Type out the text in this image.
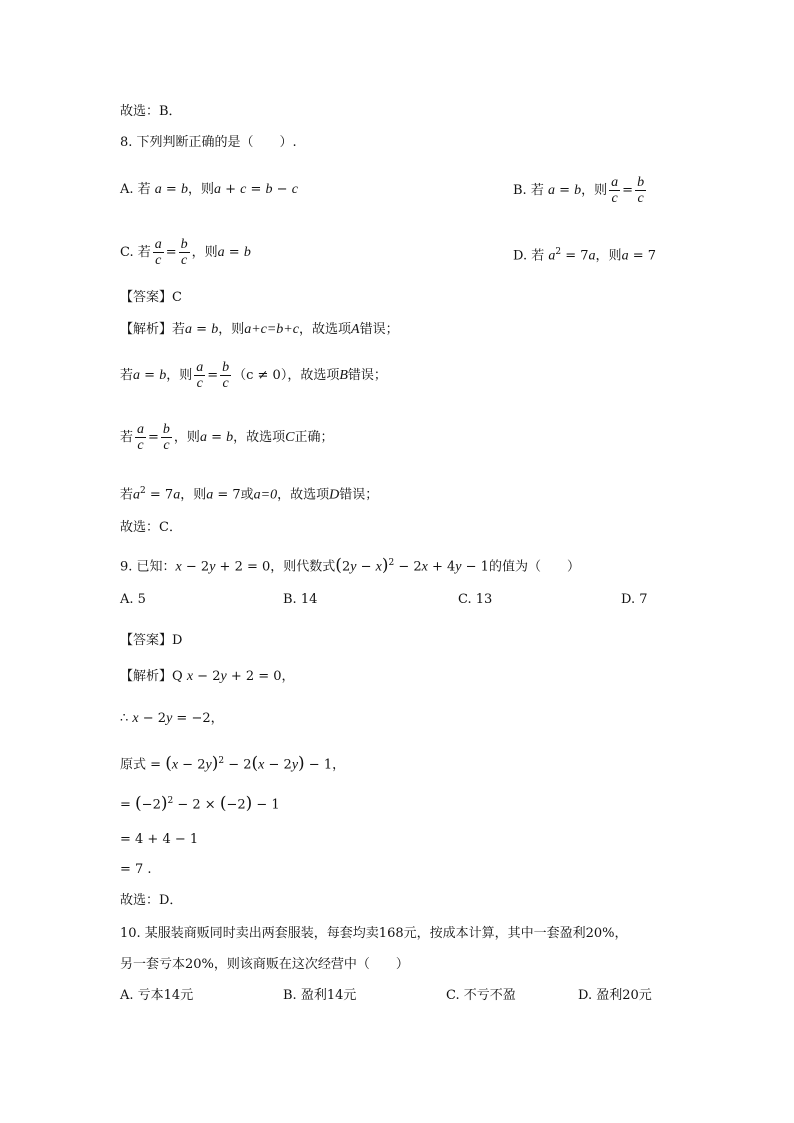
故选：B．
8. 下列判断正确的是（　　）.
A. 若 a = b，则a + c = b − c	B. 若 a = b，则 $\frac{a}{c} = \frac{b}{c}$
C. 若 $\frac{a}{c} = \frac{b}{c}$ ，则a = b	D. 若 $a^2 = 7a$，则a = 7
【答案】C
【解析】若a = b，则a+c=b+c，故选项A错误；
若a = b，则 $\frac{a}{c} = \frac{b}{c} (c \ne 0)$，故选项B错误；
若 $\frac{a}{c} = \frac{b}{c}$ ，则a = b，故选项C正确；
若$a^2 = 7a$，则a = 7或a=0，故选项D错误；
故选：C．
9. 已知：x − 2y + 2 = 0，则代数式$(2y - x)^2 - 2x + 4y - 1$的值为（　　）
A. 5	B. 14	C. 13	D. 7
【答案】D
【解析】Q x − 2y + 2 = 0，
∴ x − 2y = −2，
原式 = $(x - 2y)^2 - 2(x - 2y) - 1$，
= $(-2)^2 - 2 \times (-2) - 1$
= 4 + 4 − 1
= 7 .
故选：D．
10. 某服装商贩同时卖出两套服装，每套均卖168元，按成本计算，其中一套盈利20%，
另一套亏本20%，则该商贩在这次经营中（　　）
A. 亏本14元	B. 盈利14元	C. 不亏不盈	D. 盈利20元
